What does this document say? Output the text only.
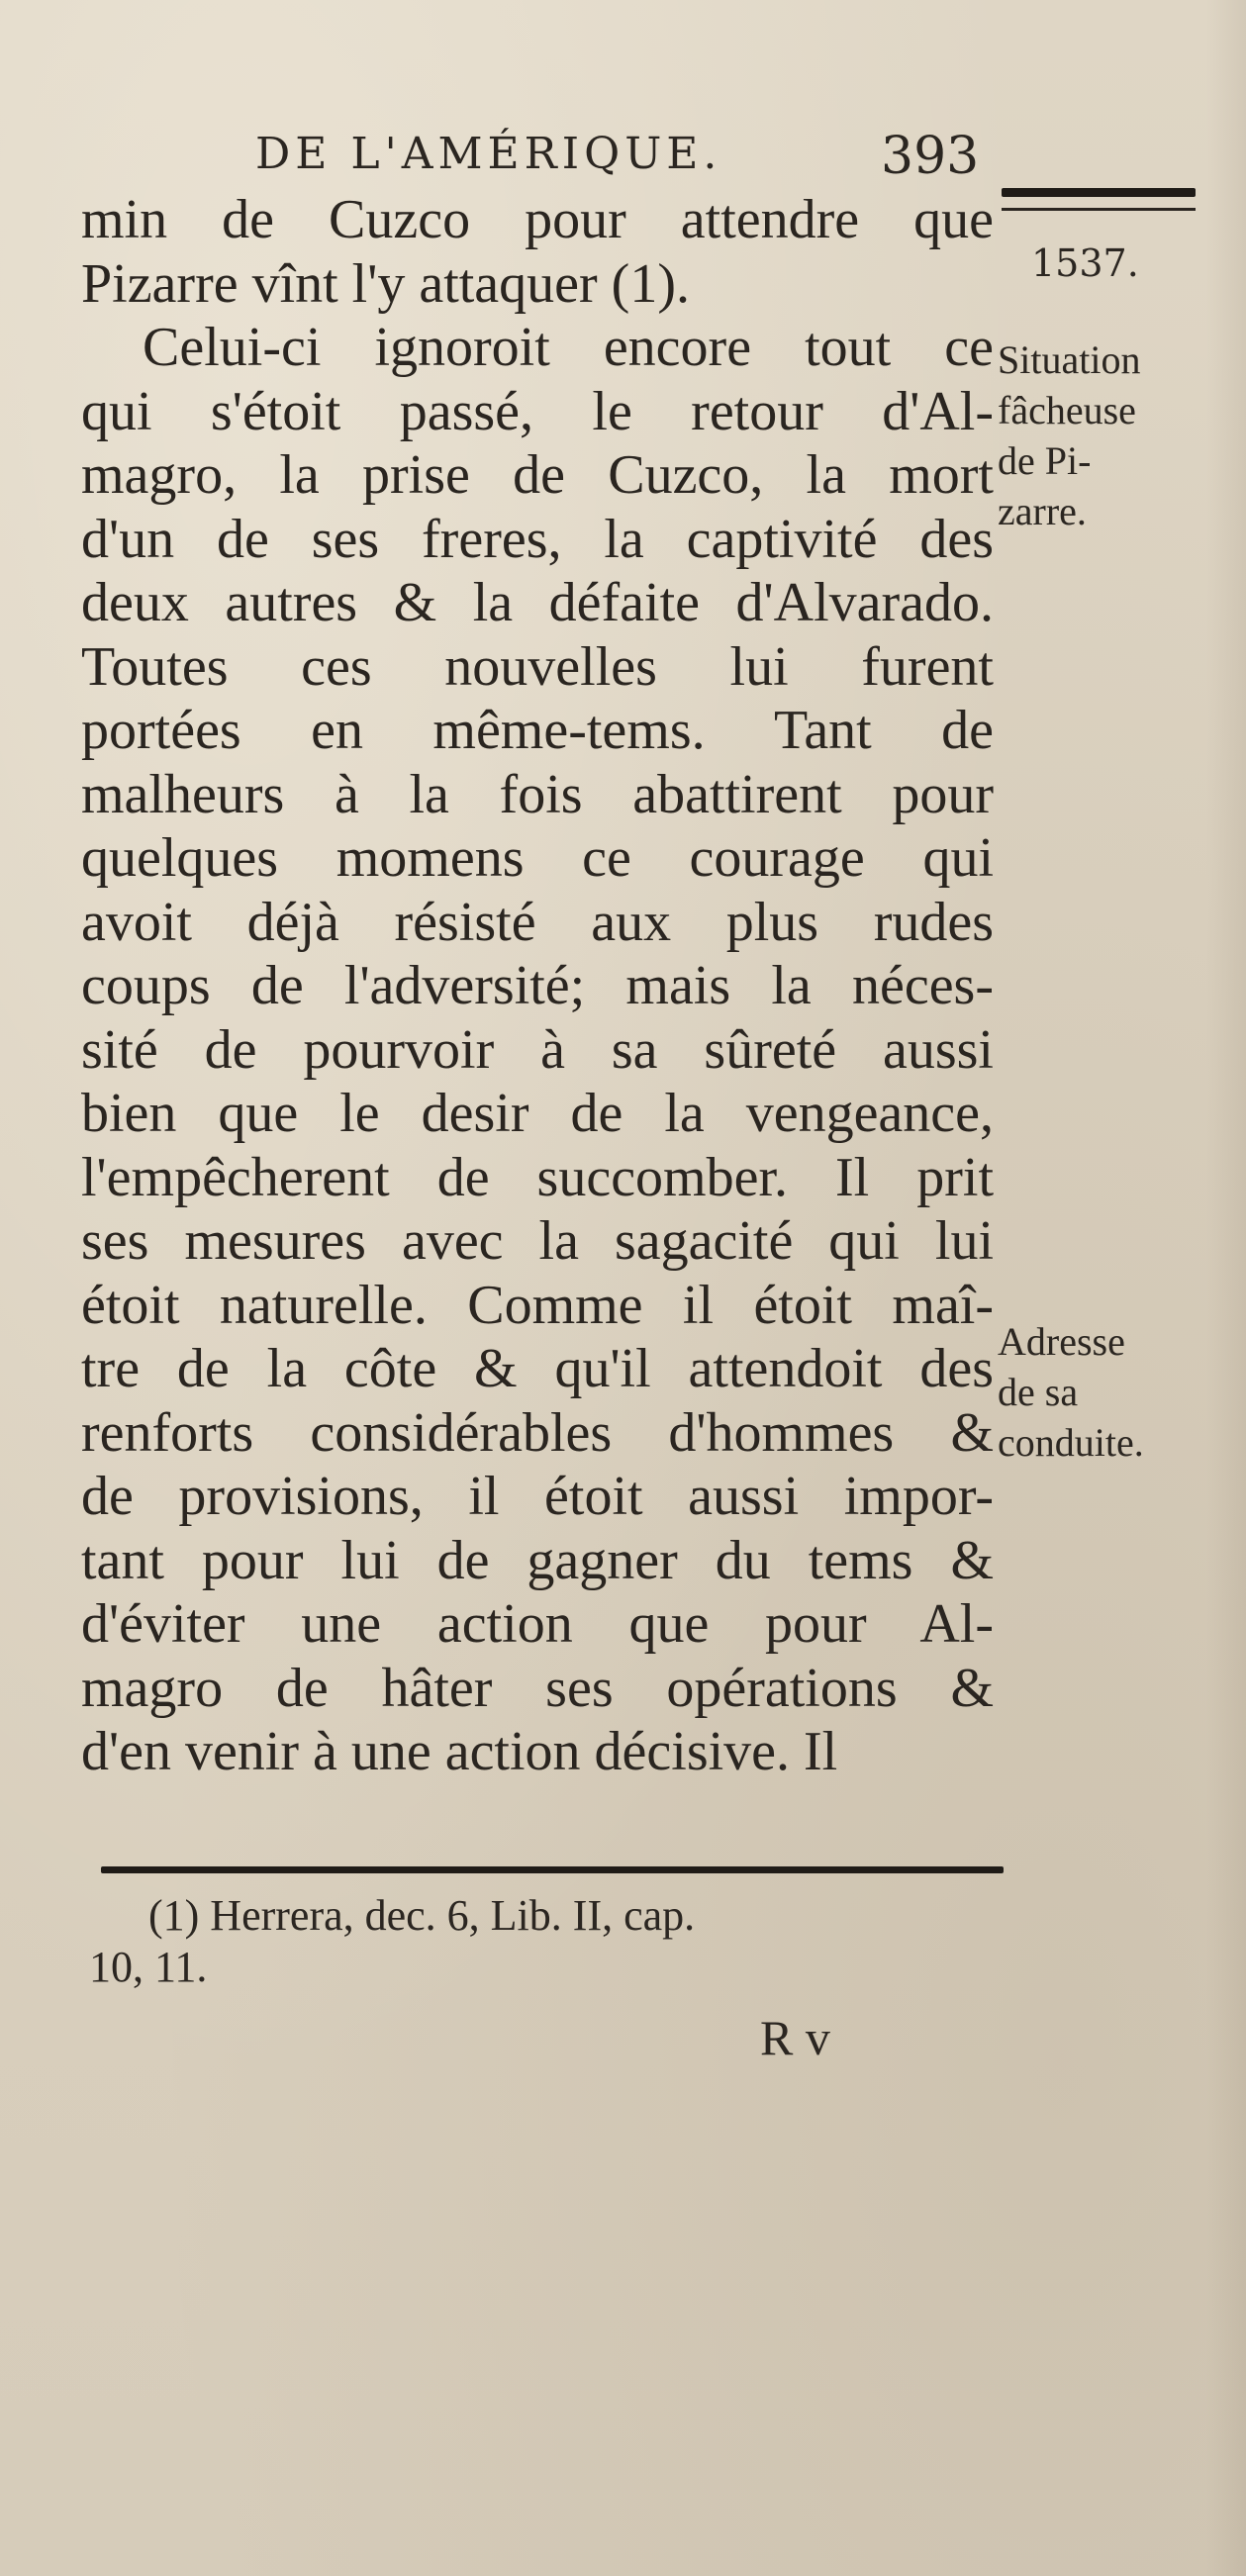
DE L'AMÉRIQUE.	393
1537.
min de Cuzco pour attendre que
Pizarre vînt l'y attaquer (1).
Celui-ci ignoroit encore tout ce
qui s'étoit passé, le retour d'Al-
magro, la prise de Cuzco, la mort
d'un de ses freres, la captivité des
deux autres & la défaite d'Alvarado.
Toutes ces nouvelles lui furent
portées en même-tems. Tant de
malheurs à la fois abattirent pour
quelques momens ce courage qui
avoit déjà résisté aux plus rudes
coups de l'adversité; mais la néces-
sité de pourvoir à sa sûreté aussi
bien que le desir de la vengeance,
l'empêcherent de succomber. Il prit
ses mesures avec la sagacité qui lui
étoit naturelle. Comme il étoit maî-
tre de la côte & qu'il attendoit des
renforts considérables d'hommes &
de provisions, il étoit aussi impor-
tant pour lui de gagner du tems &
d'éviter une action que pour Al-
magro de hâter ses opérations &
d'en venir à une action décisive. Il
Situation
fâcheuse
de Pi-
zarre.
Adresse
de sa
conduite.
(1) Herrera, dec. 6, Lib. II, cap.
10, 11.
R v
